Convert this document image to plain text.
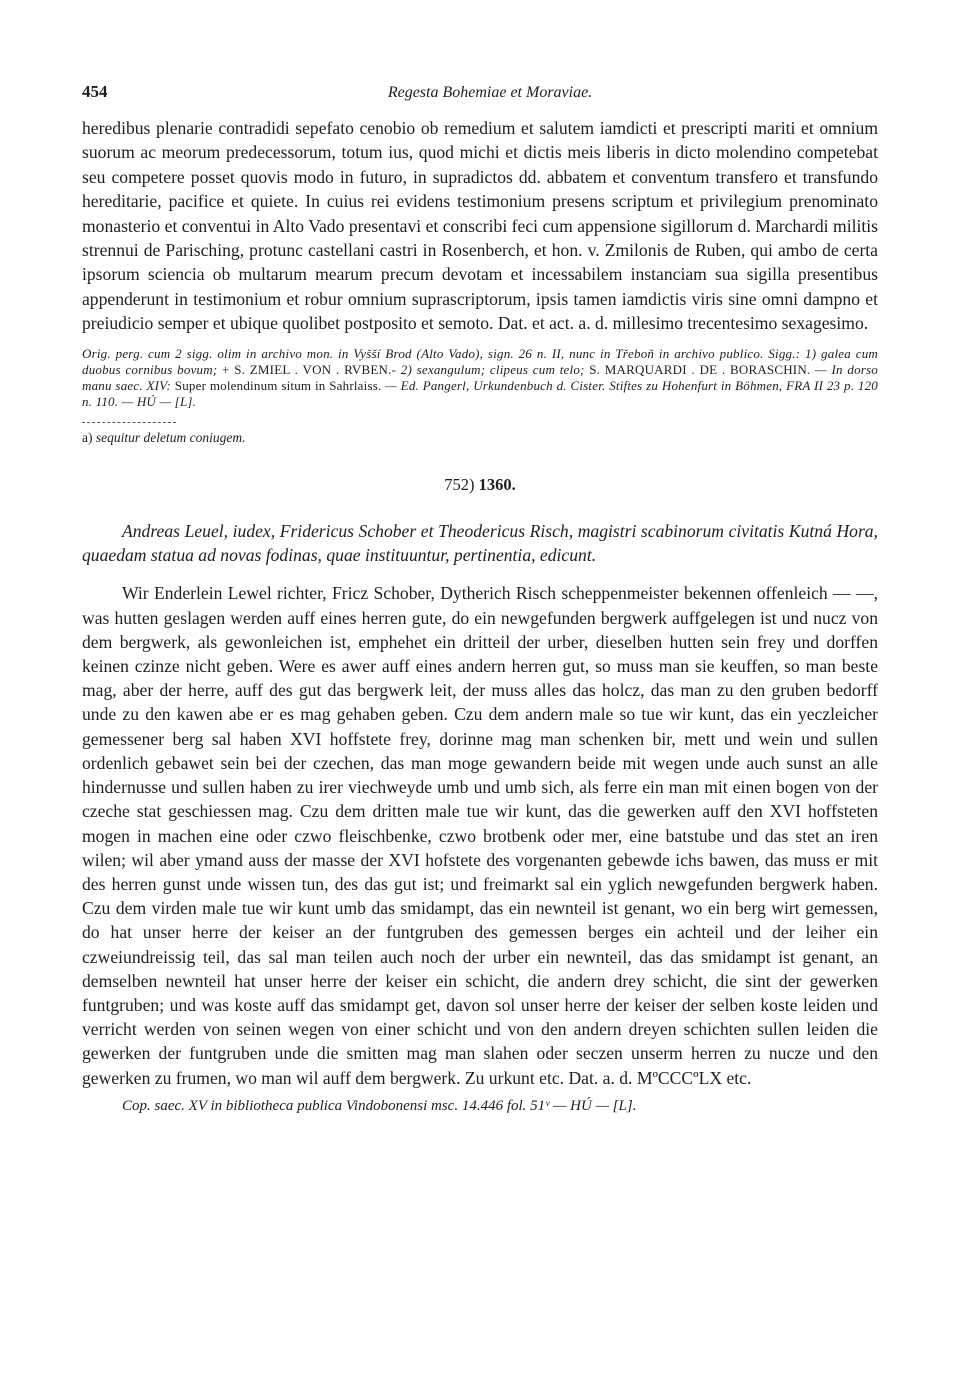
454	Regesta Bohemiae et Moraviae.

heredibus plenarie contradidi sepefato cenobio ob remedium et salutem iamdicti et prescripti mariti et omnium suorum ac meorum predecessorum, totum ius, quod michi et dictis meis liberis in dicto molendino competebat seu competere posset quovis modo in futuro, in supradictos dd. abbatem et conventum transfero et transfundo hereditarie, pacifice et quiete. In cuius rei evidens testimonium presens scriptum et privilegium prenominato monasterio et conventui in Alto Vado presentavi et conscribi feci cum appensione sigillorum d. Marchardi militis strennui de Parisching, protunc castellani castri in Rosenberch, et hon. v. Zmilonis de Ruben, qui ambo de certa ipsorum sciencia ob multarum mearum precum devotam et incessabilem instanciam sua sigilla presentibus appenderunt in testimonium et robur omnium suprascriptorum, ipsis tamen iamdictis viris sine omni dampno et preiudicio semper et ubique quolibet postposito et semoto. Dat. et act. a. d. millesimo trecentesimo sexagesimo.

Orig. perg. cum 2 sigg. olim in archivo mon. in Vyšší Brod (Alto Vado), sign. 26 n. II, nunc in Třeboň in archivo publico. Sigg.: 1) galea cum duobus cornibus bovum; + S. ZMIEL . VON . RVBEN.- 2) sexangulum; clipeus cum telo; S. MARQUARDI . DE . BORASCHIN. — In dorso manu saec. XIV: Super molendinum situm in Sahrlaiss. — Ed. Pangerl, Urkundenbuch d. Cister. Stiftes zu Hohenfurt in Böhmen, FRA II 23 p. 120 n. 110. — HÚ — [L].

a) sequitur deletum coniugem.

752) 1360.

Andreas Leuel, iudex, Fridericus Schober et Theodericus Risch, magistri scabinorum civitatis Kutná Hora, quaedam statua ad novas fodinas, quae instituuntur, pertinentia, edicunt.

Wir Enderlein Lewel richter, Fricz Schober, Dytherich Risch scheppenmeister bekennen offenleich — —, was hutten geslagen werden auff eines herren gute, do ein newgefunden bergwerk auffgelegen ist und nucz von dem bergwerk, als gewonleichen ist, emphehet ein dritteil der urber, dieselben hutten sein frey und dorffen keinen czinze nicht geben. Were es awer auff eines andern herren gut, so muss man sie keuffen, so man beste mag, aber der herre, auff des gut das bergwerk leit, der muss alles das holcz, das man zu den gruben bedorff unde zu den kawen abe er es mag gehaben geben. Czu dem andern male so tue wir kunt, das ein yeczleicher gemessener berg sal haben XVI hoffstete frey, dorinne mag man schenken bir, mett und wein und sullen ordenlich gebawet sein bei der czechen, das man moge gewandern beide mit wegen unde auch sunst an alle hindernusse und sullen haben zu irer viechweyde umb und umb sich, als ferre ein man mit einen bogen von der czeche stat geschiessen mag. Czu dem dritten male tue wir kunt, das die gewerken auff den XVI hoffsteten mogen in machen eine oder czwo fleischbenke, czwo brotbenk oder mer, eine batstube und das stet an iren wilen; wil aber ymand auss der masse der XVI hofstete des vorgenanten gebewde ichs bawen, das muss er mit des herren gunst unde wissen tun, des das gut ist; und freimarkt sal ein yglich newgefunden bergwerk haben. Czu dem virden male tue wir kunt umb das smidampt, das ein newnteil ist genant, wo ein berg wirt gemessen, do hat unser herre der keiser an der funtgruben des gemessen berges ein achteil und der leiher ein czweiundreissig teil, das sal man teilen auch noch der urber ein newnteil, das das smidampt ist genant, an demselben newnteil hat unser herre der keiser ein schicht, die andern drey schicht, die sint der gewerken funtgruben; und was koste auff das smidampt get, davon sol unser herre der keiser der selben koste leiden und verricht werden von seinen wegen von einer schicht und von den andern dreyen schichten sullen leiden die gewerken der funtgruben unde die smitten mag man slahen oder seczen unserm herren zu nucze und den gewerken zu frumen, wo man wil auff dem bergwerk. Zu urkunt etc. Dat. a. d. MºCCCºLX etc.

Cop. saec. XV in bibliotheca publica Vindobonensi msc. 14.446 fol. 51ᵛ — HÚ — [L].
